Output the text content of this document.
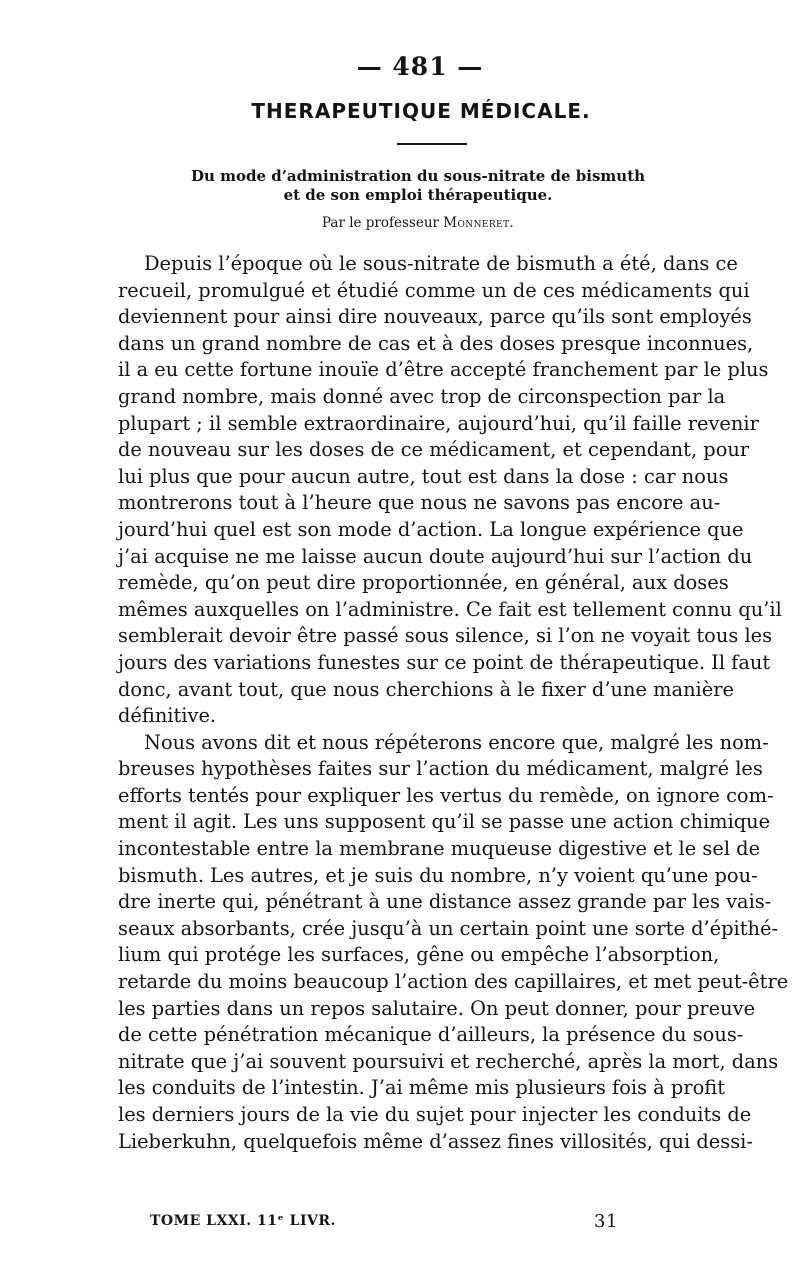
— 481 —
THERAPEUTIQUE MÉDICALE.
Du mode d’administration du sous-nitrate de bismuth
et de son emploi thérapeutique.
Par le professeur Monneret.
Depuis l’époque où le sous-nitrate de bismuth a été, dans ce
recueil, promulgué et étudié comme un de ces médicaments qui
deviennent pour ainsi dire nouveaux, parce qu’ils sont employés
dans un grand nombre de cas et à des doses presque inconnues,
il a eu cette fortune inouïe d’être accepté franchement par le plus
grand nombre, mais donné avec trop de circonspection par la
plupart ; il semble extraordinaire, aujourd’hui, qu’il faille revenir
de nouveau sur les doses de ce médicament, et cependant, pour
lui plus que pour aucun autre, tout est dans la dose : car nous
montrerons tout à l’heure que nous ne savons pas encore au-
jourd’hui quel est son mode d’action. La longue expérience que
j’ai acquise ne me laisse aucun doute aujourd’hui sur l’action du
remède, qu’on peut dire proportionnée, en général, aux doses
mêmes auxquelles on l’administre. Ce fait est tellement connu qu’il
semblerait devoir être passé sous silence, si l’on ne voyait tous les
jours des variations funestes sur ce point de thérapeutique. Il faut
donc, avant tout, que nous cherchions à le fixer d’une manière
définitive.
Nous avons dit et nous répéterons encore que, malgré les nom-
breuses hypothèses faites sur l’action du médicament, malgré les
efforts tentés pour expliquer les vertus du remède, on ignore com-
ment il agit. Les uns supposent qu’il se passe une action chimique
incontestable entre la membrane muqueuse digestive et le sel de
bismuth. Les autres, et je suis du nombre, n’y voient qu’une pou-
dre inerte qui, pénétrant à une distance assez grande par les vais-
seaux absorbants, crée jusqu’à un certain point une sorte d’épithé-
lium qui protége les surfaces, gêne ou empêche l’absorption,
retarde du moins beaucoup l’action des capillaires, et met peut-être
les parties dans un repos salutaire. On peut donner, pour preuve
de cette pénétration mécanique d’ailleurs, la présence du sous-
nitrate que j’ai souvent poursuivi et recherché, après la mort, dans
les conduits de l’intestin. J’ai même mis plusieurs fois à profit
les derniers jours de la vie du sujet pour injecter les conduits de
Lieberkuhn, quelquefois même d’assez fines villosités, qui dessi-
TOME LXXI. 11ᵉ LIVR.	31
